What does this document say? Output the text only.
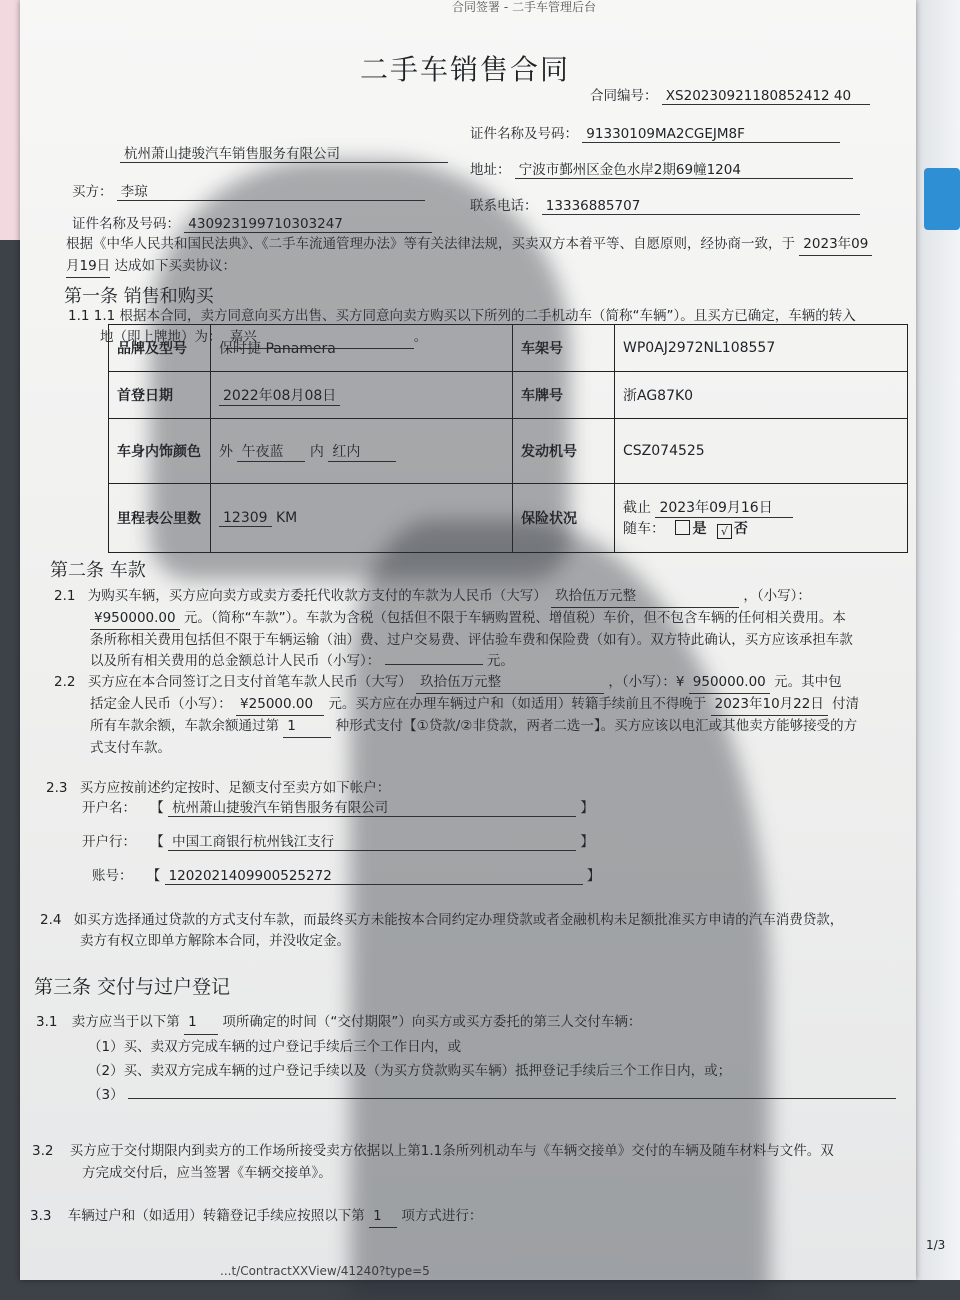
合同签署 - 二手车管理后台
二手车销售合同
合同编号： XS20230921180852412 40
杭州萧山捷骏汽车销售服务有限公司
证件名称及号码： 91330109MA2CGEJM8F
地址： 宁波市鄞州区金色水岸2期69幢1204
买方： 李琼
联系电话： 13336885707
证件名称及号码： 430923199710303247
根据《中华人民共和国民法典》、《二手车流通管理办法》等有关法律法规，买卖双方本着平等、自愿原则，经协商一致，于 2023年09
月19日 达成如下买卖协议：
第一条 销售和购买
1.1 1.1 根据本合同，卖方同意向买方出售、买方同意向卖方购买以下所列的二手机动车（简称“车辆”）。且买方已确定，车辆的转入
地（即上牌地）为： 嘉兴	。
品牌及型号	保时捷 Panamera	车架号	WP0AJ2972NL108557
首登日期	2022年08月08日	车牌号	浙AG87K0
车身内饰颜色	外 午夜蓝 内 红内	发动机号	CSZ074525
里程表公里数	12309 KM	保险状况	截止 2023年09月16日
随车： 是 √ 否
第二条 车款
2.1 为购买车辆，买方应向卖方或卖方委托代收款方支付的车款为人民币（大写） 玖拾伍万元整	，（小写）：
¥950000.00 元。（简称“车款”）。车款为含税（包括但不限于车辆购置税、增值税）车价，但不包含车辆的任何相关费用。本
条所称相关费用包括但不限于车辆运输（油）费、过户交易费、评估验车费和保险费（如有）。双方特此确认，买方应该承担车款
以及所有相关费用的总金额总计人民币（小写）：	元。
2.2 买方应在本合同签订之日支付首笔车款人民币（大写） 玖拾伍万元整	，（小写）：¥ 950000.00 元。其中包
括定金人民币（小写）： ¥25000.00 元。买方应在办理车辆过户和（如适用）转籍手续前且不得晚于 2023年10月22日 付清
所有车款余额，车款余额通过第 1	种形式支付【①贷款/②非贷款，两者二选一】。买方应该以电汇或其他卖方能够接受的方
式支付车款。
2.3 买方应按前述约定按时、足额支付至卖方如下帐户：
开户名： 【 杭州萧山捷骏汽车销售服务有限公司	】
开户行： 【 中国工商银行杭州钱江支行	】
账号： 【 1202021409900525272	】
2.4 如买方选择通过贷款的方式支付车款，而最终买方未能按本合同约定办理贷款或者金融机构未足额批准买方申请的汽车消费贷款，
卖方有权立即单方解除本合同，并没收定金。
第三条 交付与过户登记
3.1 卖方应当于以下第 1 项所确定的时间（“交付期限”）向买方或买方委托的第三人交付车辆：
（1）买、卖双方完成车辆的过户登记手续后三个工作日内，或
（2）买、卖双方完成车辆的过户登记手续以及（为买方贷款购买车辆）抵押登记手续后三个工作日内，或；
（3）
3.2 买方应于交付期限内到卖方的工作场所接受卖方依据以上第1.1条所列机动车与《车辆交接单》交付的车辆及随车材料与文件。双
方完成交付后，应当签署《车辆交接单》。
3.3 车辆过户和（如适用）转籍登记手续应按照以下第 1 项方式进行：
1/3
...t/ContractXXView/41240?type=5
